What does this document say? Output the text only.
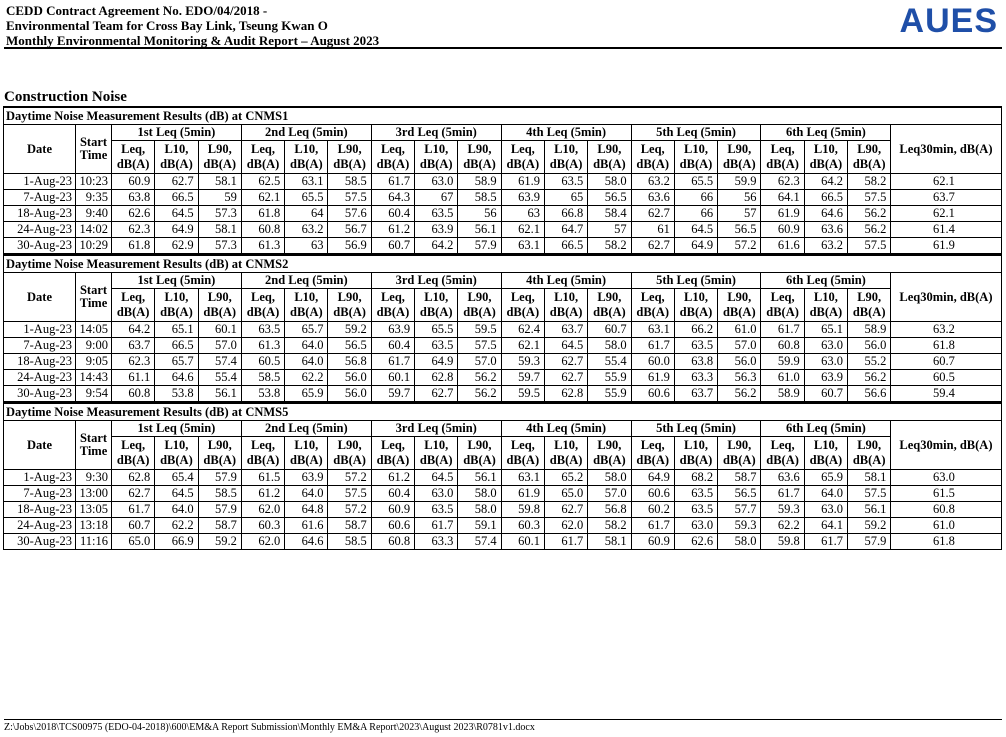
CEDD Contract Agreement No. EDO/04/2018 -
Environmental Team for Cross Bay Link, Tseung Kwan O
Monthly Environmental Monitoring & Audit Report – August 2023
AUES
Construction Noise
Daytime Noise Measurement Results (dB) at CNMS1																				
Date	Start Time	1st Leq (5min)			2nd Leq (5min)			3rd Leq (5min)			4th Leq (5min)			5th Leq (5min)			6th Leq (5min)			Leq30min, dB(A)
		Leq, dB(A)	L10, dB(A)	L90, dB(A)	Leq, dB(A)	L10, dB(A)	L90, dB(A)	Leq, dB(A)	L10, dB(A)	L90, dB(A)	Leq, dB(A)	L10, dB(A)	L90, dB(A)	Leq, dB(A)	L10, dB(A)	L90, dB(A)	Leq, dB(A)	L10, dB(A)	L90, dB(A)	
1-Aug-23	10:23	60.9	62.7	58.1	62.5	63.1	58.5	61.7	63.0	58.9	61.9	63.5	58.0	63.2	65.5	59.9	62.3	64.2	58.2	62.1
7-Aug-23	9:35	63.8	66.5	59	62.1	65.5	57.5	64.3	67	58.5	63.9	65	56.5	63.6	66	56	64.1	66.5	57.5	63.7
18-Aug-23	9:40	62.6	64.5	57.3	61.8	64	57.6	60.4	63.5	56	63	66.8	58.4	62.7	66	57	61.9	64.6	56.2	62.1
24-Aug-23	14:02	62.3	64.9	58.1	60.8	63.2	56.7	61.2	63.9	56.1	62.1	64.7	57	61	64.5	56.5	60.9	63.6	56.2	61.4
30-Aug-23	10:29	61.8	62.9	57.3	61.3	63	56.9	60.7	64.2	57.9	63.1	66.5	58.2	62.7	64.9	57.2	61.6	63.2	57.5	61.9
Daytime Noise Measurement Results (dB) at CNMS2																				
Date	Start Time	1st Leq (5min)			2nd Leq (5min)			3rd Leq (5min)			4th Leq (5min)			5th Leq (5min)			6th Leq (5min)			Leq30min, dB(A)
		Leq, dB(A)	L10, dB(A)	L90, dB(A)	Leq, dB(A)	L10, dB(A)	L90, dB(A)	Leq, dB(A)	L10, dB(A)	L90, dB(A)	Leq, dB(A)	L10, dB(A)	L90, dB(A)	Leq, dB(A)	L10, dB(A)	L90, dB(A)	Leq, dB(A)	L10, dB(A)	L90, dB(A)	
1-Aug-23	14:05	64.2	65.1	60.1	63.5	65.7	59.2	63.9	65.5	59.5	62.4	63.7	60.7	63.1	66.2	61.0	61.7	65.1	58.9	63.2
7-Aug-23	9:00	63.7	66.5	57.0	61.3	64.0	56.5	60.4	63.5	57.5	62.1	64.5	58.0	61.7	63.5	57.0	60.8	63.0	56.0	61.8
18-Aug-23	9:05	62.3	65.7	57.4	60.5	64.0	56.8	61.7	64.9	57.0	59.3	62.7	55.4	60.0	63.8	56.0	59.9	63.0	55.2	60.7
24-Aug-23	14:43	61.1	64.6	55.4	58.5	62.2	56.0	60.1	62.8	56.2	59.7	62.7	55.9	61.9	63.3	56.3	61.0	63.9	56.2	60.5
30-Aug-23	9:54	60.8	53.8	56.1	53.8	65.9	56.0	59.7	62.7	56.2	59.5	62.8	55.9	60.6	63.7	56.2	58.9	60.7	56.6	59.4
Daytime Noise Measurement Results (dB) at CNMS5																				
Date	Start Time	1st Leq (5min)			2nd Leq (5min)			3rd Leq (5min)			4th Leq (5min)			5th Leq (5min)			6th Leq (5min)			Leq30min, dB(A)
		Leq, dB(A)	L10, dB(A)	L90, dB(A)	Leq, dB(A)	L10, dB(A)	L90, dB(A)	Leq, dB(A)	L10, dB(A)	L90, dB(A)	Leq, dB(A)	L10, dB(A)	L90, dB(A)	Leq, dB(A)	L10, dB(A)	L90, dB(A)	Leq, dB(A)	L10, dB(A)	L90, dB(A)	
1-Aug-23	9:30	62.8	65.4	57.9	61.5	63.9	57.2	61.2	64.5	56.1	63.1	65.2	58.0	64.9	68.2	58.7	63.6	65.9	58.1	63.0
7-Aug-23	13:00	62.7	64.5	58.5	61.2	64.0	57.5	60.4	63.0	58.0	61.9	65.0	57.0	60.6	63.5	56.5	61.7	64.0	57.5	61.5
18-Aug-23	13:05	61.7	64.0	57.9	62.0	64.8	57.2	60.9	63.5	58.0	59.8	62.7	56.8	60.2	63.5	57.7	59.3	63.0	56.1	60.8
24-Aug-23	13:18	60.7	62.2	58.7	60.3	61.6	58.7	60.6	61.7	59.1	60.3	62.0	58.2	61.7	63.0	59.3	62.2	64.1	59.2	61.0
30-Aug-23	11:16	65.0	66.9	59.2	62.0	64.6	58.5	60.8	63.3	57.4	60.1	61.7	58.1	60.9	62.6	58.0	59.8	61.7	57.9	61.8
Z:\Jobs\2018\TCS00975 (EDO-04-2018)\600\EM&A Report Submission\Monthly EM&A Report\2023\August 2023\R0781v1.docx
